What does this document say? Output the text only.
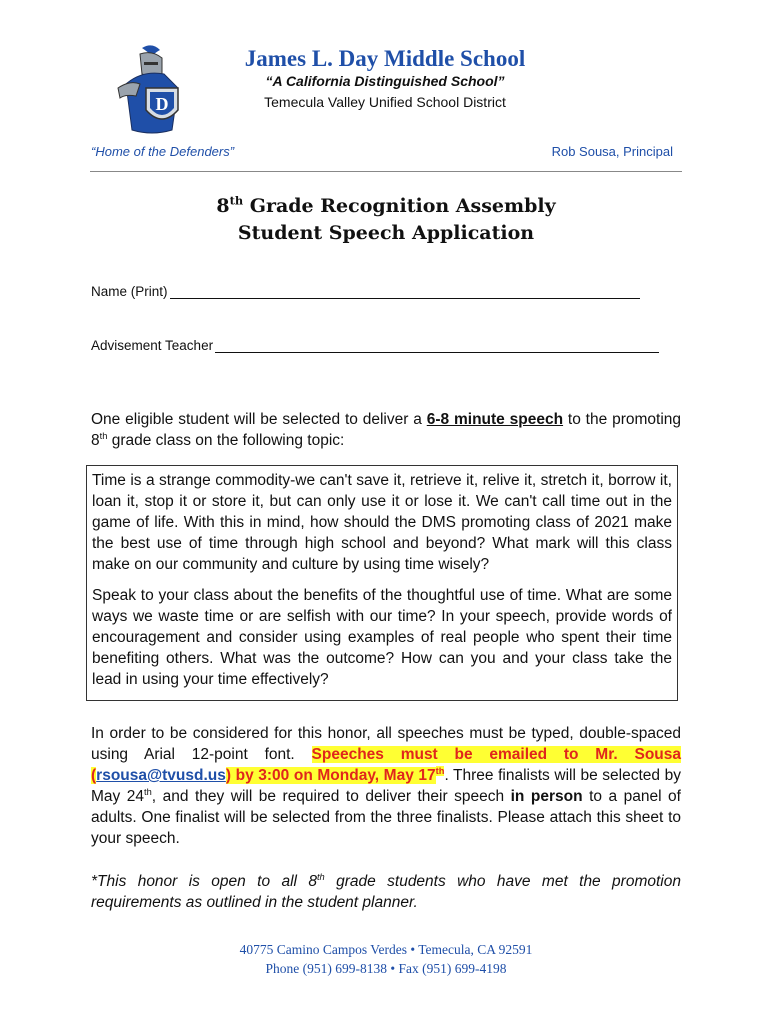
D
James L. Day Middle School
“A California Distinguished School”
Temecula Valley Unified School District
“Home of the Defenders”	Rob Sousa, Principal
8th Grade Recognition Assembly
Student Speech Application
Name (Print)
Advisement Teacher
One eligible student will be selected to deliver a 6-8 minute speech to the promoting 8th grade class on the following topic:

Time is a strange commodity-we can't save it, retrieve it, relive it, stretch it, borrow it, loan it, stop it or store it, but can only use it or lose it. We can't call time out in the game of life. With this in mind, how should the DMS promoting class of 2021 make the best use of time through high school and beyond? What mark will this class make on our community and culture by using time wisely?

Speak to your class about the benefits of the thoughtful use of time. What are some ways we waste time or are selfish with our time? In your speech, provide words of encouragement and consider using examples of real people who spent their time benefiting others. What was the outcome? How can you and your class take the lead in using your time effectively?

In order to be considered for this honor, all speeches must be typed, double-spaced using Arial 12-point font. Speeches must be emailed to Mr. Sousa (rsousa@tvusd.us) by 3:00 on Monday, May 17th. Three finalists will be selected by May 24th, and they will be required to deliver their speech in person to a panel of adults. One finalist will be selected from the three finalists. Please attach this sheet to your speech.
*This honor is open to all 8th grade students who have met the promotion requirements as outlined in the student planner.
40775 Camino Campos Verdes • Temecula, CA 92591
Phone (951) 699-8138 • Fax (951) 699-4198
